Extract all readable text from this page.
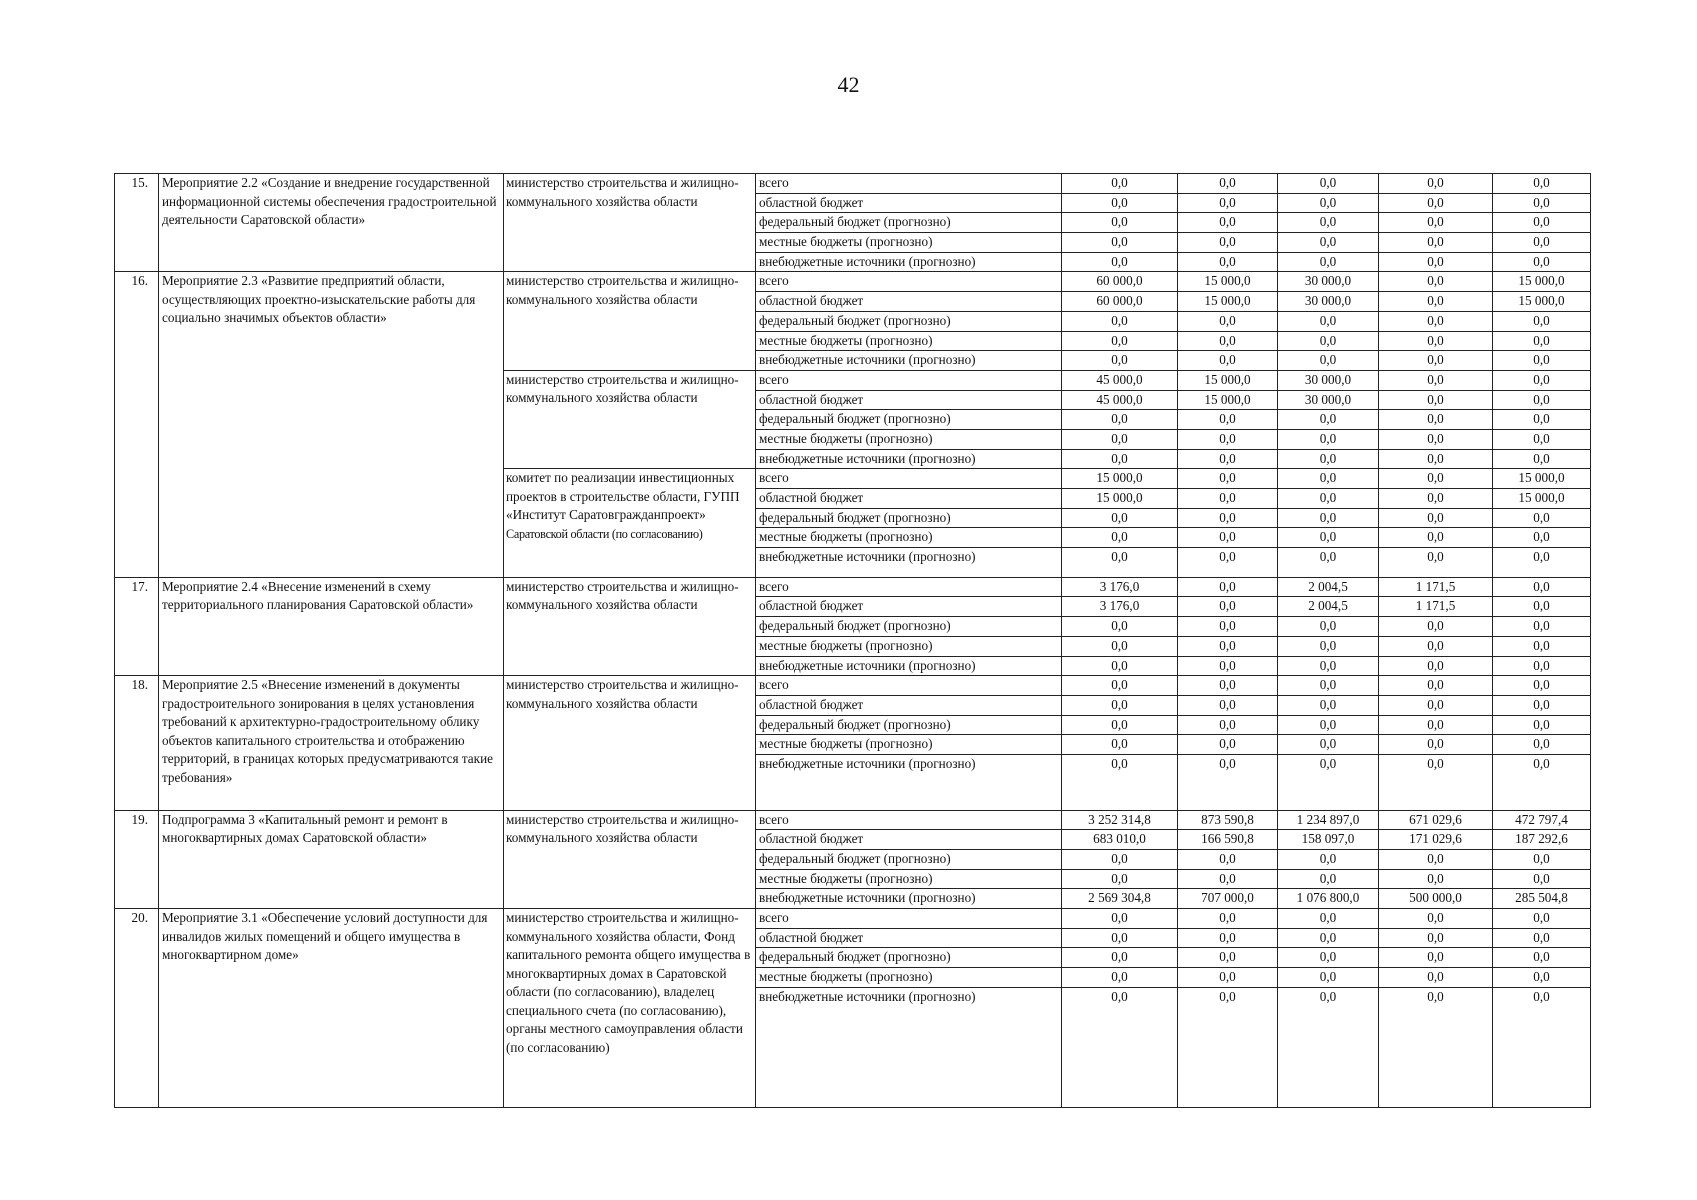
42
15.	Мероприятие 2.2 «Создание и внедрение государственной информационной системы обеспечения градостроительной деятельности Саратовской области»	министерство строительства и жилищно-коммунального хозяйства области	всего	0,0	0,0	0,0	0,0	0,0
			областной бюджет	0,0	0,0	0,0	0,0	0,0
			федеральный бюджет (прогнозно)	0,0	0,0	0,0	0,0	0,0
			местные бюджеты (прогнозно)	0,0	0,0	0,0	0,0	0,0
			внебюджетные источники (прогнозно)	0,0	0,0	0,0	0,0	0,0
16.	Мероприятие 2.3 «Развитие предприятий области, осуществляющих проектно-изыскательские работы для социально значимых объектов области»	министерство строительства и жилищно-коммунального хозяйства области	всего	60 000,0	15 000,0	30 000,0	0,0	15 000,0
			областной бюджет	60 000,0	15 000,0	30 000,0	0,0	15 000,0
			федеральный бюджет (прогнозно)	0,0	0,0	0,0	0,0	0,0
			местные бюджеты (прогнозно)	0,0	0,0	0,0	0,0	0,0
			внебюджетные источники (прогнозно)	0,0	0,0	0,0	0,0	0,0
		министерство строительства и жилищно-коммунального хозяйства области	всего	45 000,0	15 000,0	30 000,0	0,0	0,0
			областной бюджет	45 000,0	15 000,0	30 000,0	0,0	0,0
			федеральный бюджет (прогнозно)	0,0	0,0	0,0	0,0	0,0
			местные бюджеты (прогнозно)	0,0	0,0	0,0	0,0	0,0
			внебюджетные источники (прогнозно)	0,0	0,0	0,0	0,0	0,0
		комитет по реализации инвестиционных проектов в строительстве области, ГУПП «Институт Саратовгражданпроект»
Саратовской области (по согласованию)	всего	15 000,0	0,0	0,0	0,0	15 000,0
			областной бюджет	15 000,0	0,0	0,0	0,0	15 000,0
			федеральный бюджет (прогнозно)	0,0	0,0	0,0	0,0	0,0
			местные бюджеты (прогнозно)	0,0	0,0	0,0	0,0	0,0
			внебюджетные источники (прогнозно)	0,0	0,0	0,0	0,0	0,0
17.	Мероприятие 2.4 «Внесение изменений в схему территориального планирования Саратовской области»	министерство строительства и жилищно-коммунального хозяйства области	всего	3 176,0	0,0	2 004,5	1 171,5	0,0
			областной бюджет	3 176,0	0,0	2 004,5	1 171,5	0,0
			федеральный бюджет (прогнозно)	0,0	0,0	0,0	0,0	0,0
			местные бюджеты (прогнозно)	0,0	0,0	0,0	0,0	0,0
			внебюджетные источники (прогнозно)	0,0	0,0	0,0	0,0	0,0
18.	Мероприятие 2.5 «Внесение изменений в документы градостроительного зонирования в целях установления требований к архитектурно-градостроительному облику объектов капитального строительства и отображению территорий, в границах которых предусматриваются такие требования»	министерство строительства и жилищно-коммунального хозяйства области	всего	0,0	0,0	0,0	0,0	0,0
			областной бюджет	0,0	0,0	0,0	0,0	0,0
			федеральный бюджет (прогнозно)	0,0	0,0	0,0	0,0	0,0
			местные бюджеты (прогнозно)	0,0	0,0	0,0	0,0	0,0
			внебюджетные источники (прогнозно)	0,0	0,0	0,0	0,0	0,0
19.	Подпрограмма 3 «Капитальный ремонт и ремонт в многоквартирных домах Саратовской области»	министерство строительства и жилищно-коммунального хозяйства области	всего	3 252 314,8	873 590,8	1 234 897,0	671 029,6	472 797,4
			областной бюджет	683 010,0	166 590,8	158 097,0	171 029,6	187 292,6
			федеральный бюджет (прогнозно)	0,0	0,0	0,0	0,0	0,0
			местные бюджеты (прогнозно)	0,0	0,0	0,0	0,0	0,0
			внебюджетные источники (прогнозно)	2 569 304,8	707 000,0	1 076 800,0	500 000,0	285 504,8
20.	Мероприятие 3.1 «Обеспечение условий доступности для инвалидов жилых помещений и общего имущества в многоквартирном доме»	министерство строительства и жилищно-коммунального хозяйства области, Фонд капитального ремонта общего имущества в многоквартирных домах в Саратовской области (по согласованию), владелец специального счета (по согласованию), органы местного самоуправления области (по согласованию)	всего	0,0	0,0	0,0	0,0	0,0
			областной бюджет	0,0	0,0	0,0	0,0	0,0
			федеральный бюджет (прогнозно)	0,0	0,0	0,0	0,0	0,0
			местные бюджеты (прогнозно)	0,0	0,0	0,0	0,0	0,0
			внебюджетные источники (прогнозно)	0,0	0,0	0,0	0,0	0,0
